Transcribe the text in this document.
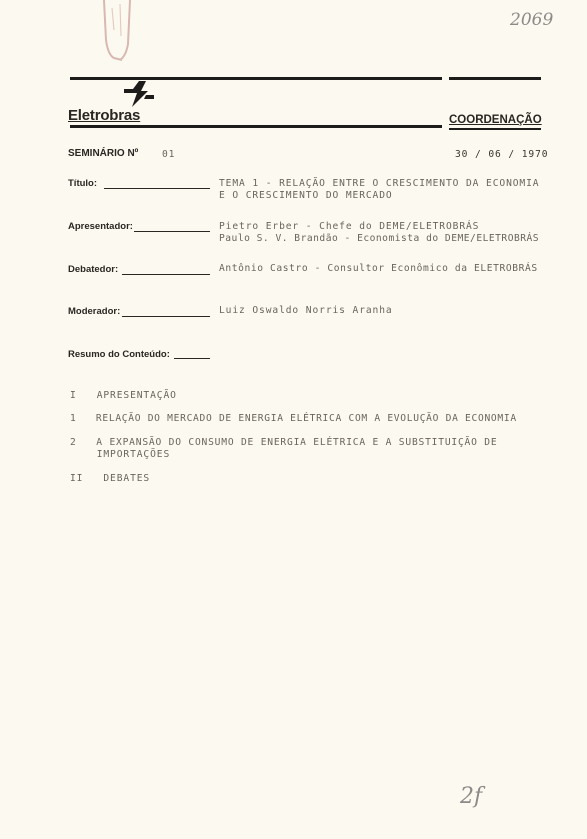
2069
Eletrobras	COORDENAÇÃO
SEMINÁRIO Nº 01	30 / 06 / 1970
Título:	TEMA 1 - RELAÇÃO ENTRE O CRESCIMENTO DA ECONOMIA
E O CRESCIMENTO DO MERCADO
Apresentador:	Pietro Erber - Chefe do DEME/ELETROBRÁS
Paulo S. V. Brandão - Economista do DEME/ELETROBRÁS
Debatedor:	Antônio Castro - Consultor Econômico da ELETROBRÁS
Moderador:	Luiz Oswaldo Norris Aranha
Resumo do Conteúdo:
I   APRESENTAÇÃO
1   RELAÇÃO DO MERCADO DE ENERGIA ELÉTRICA COM A EVOLUÇÃO DA ECONOMIA
2   A EXPANSÃO DO CONSUMO DE ENERGIA ELÉTRICA E A SUBSTITUIÇÃO DE
IMPORTAÇÕES
II   DEBATES
2f
